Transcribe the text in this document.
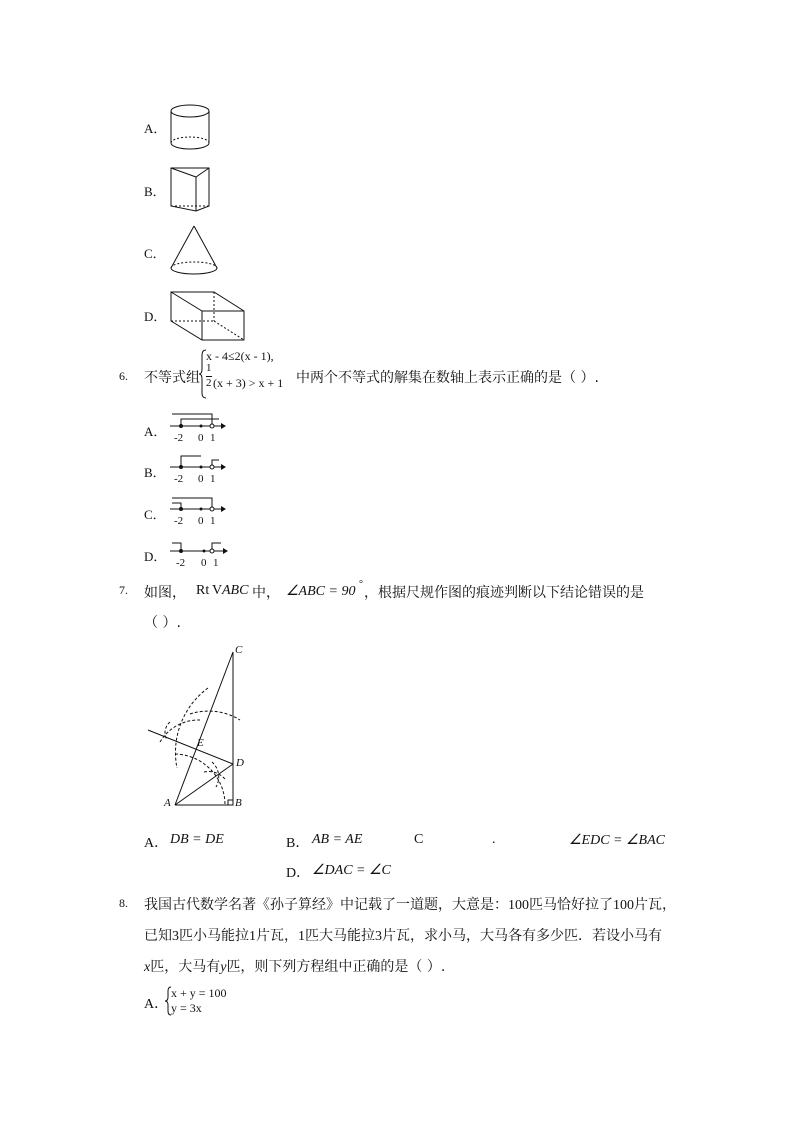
A．
B．
C．
D．
6. 不等式组
x - 4≤2(x - 1),
1
2 (x + 3) > x + 1 中两个不等式的解集在数轴上表示正确的是（ ）.
A． -2 0 1
B． -2 0 1
C． -2 0 1
D． -2 0 1
7. 如图， Rt V ABC 中， ∠ABC = 90 °
，根据尺规作图的痕迹判断以下结论错误的是
（ ）.
C
E
D
A	B
A． DB = DE	B． AB = AE	C	.	∠EDC = ∠BAC
D． ∠DAC = ∠C
8. 我国古代数学名著《孙子算经》中记载了一道题，大意是：100匹马恰好拉了100片瓦，
已知3匹小马能拉1片瓦，1匹大马能拉3片瓦，求小马，大马各有多少匹．若设小马有
x匹，大马有y匹，则下列方程组中正确的是（ ）.
A．
x + y = 100
y = 3x
